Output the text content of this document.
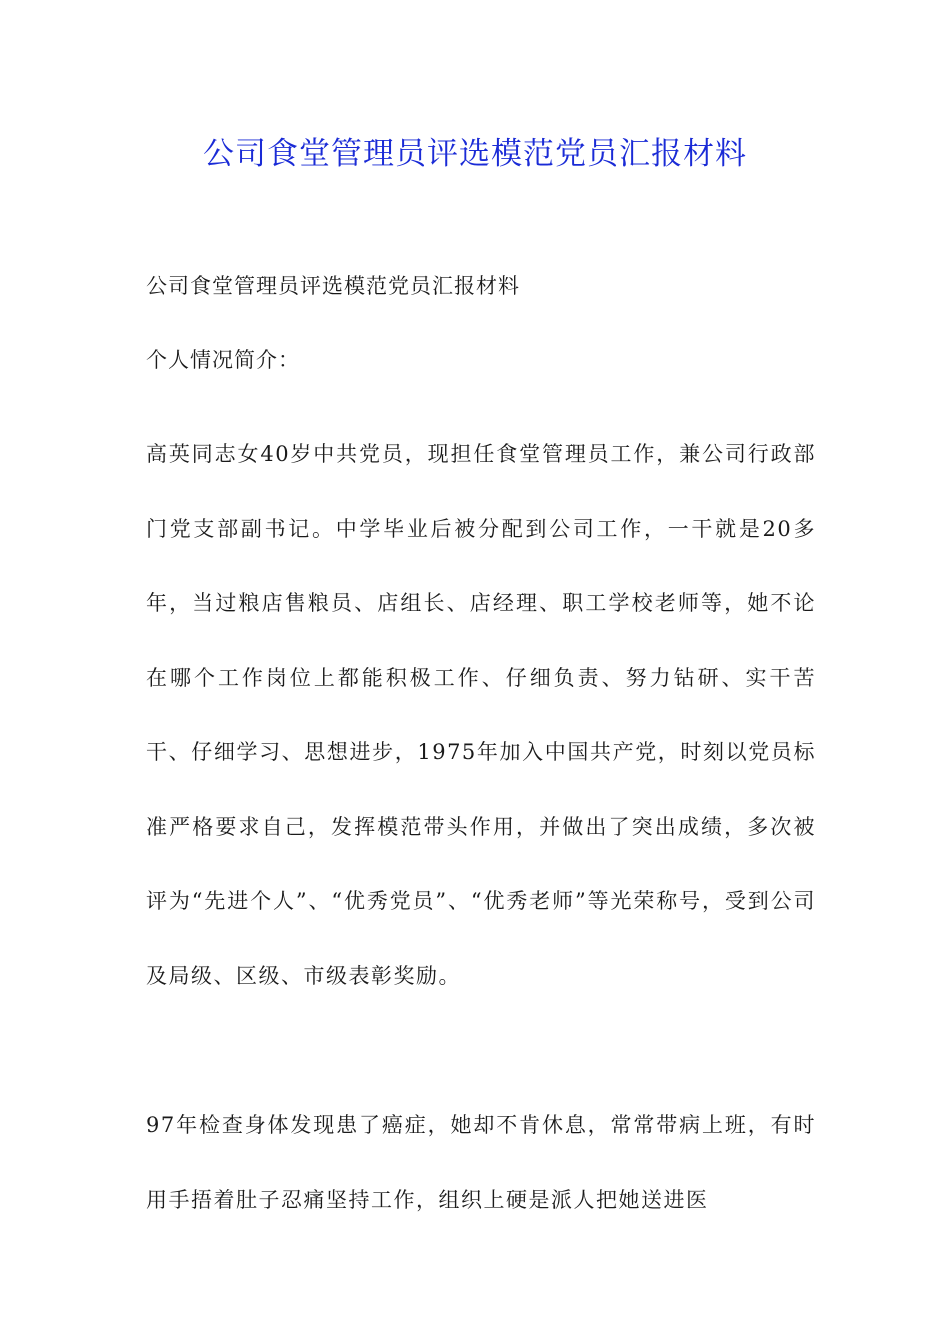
公司食堂管理员评选模范党员汇报材料

公司食堂管理员评选模范党员汇报材料

个人情况简介：

高英同志女40岁中共党员，现担任食堂管理员工作，兼公司行政部门党支部副书记。中学毕业后被分配到公司工作，一干就是20多年，当过粮店售粮员、店组长、店经理、职工学校老师等，她不论在哪个工作岗位上都能积极工作、仔细负责、努力钻研、实干苦干、仔细学习、思想进步，1975年加入中国共产党，时刻以党员标准严格要求自己，发挥模范带头作用，并做出了突出成绩，多次被评为“先进个人”、“优秀党员”、“优秀老师”等光荣称号，受到公司及局级、区级、市级表彰奖励。

97年检查身体发现患了癌症，她却不肯休息，常常带病上班，有时用手捂着肚子忍痛坚持工作，组织上硬是派人把她送进医
